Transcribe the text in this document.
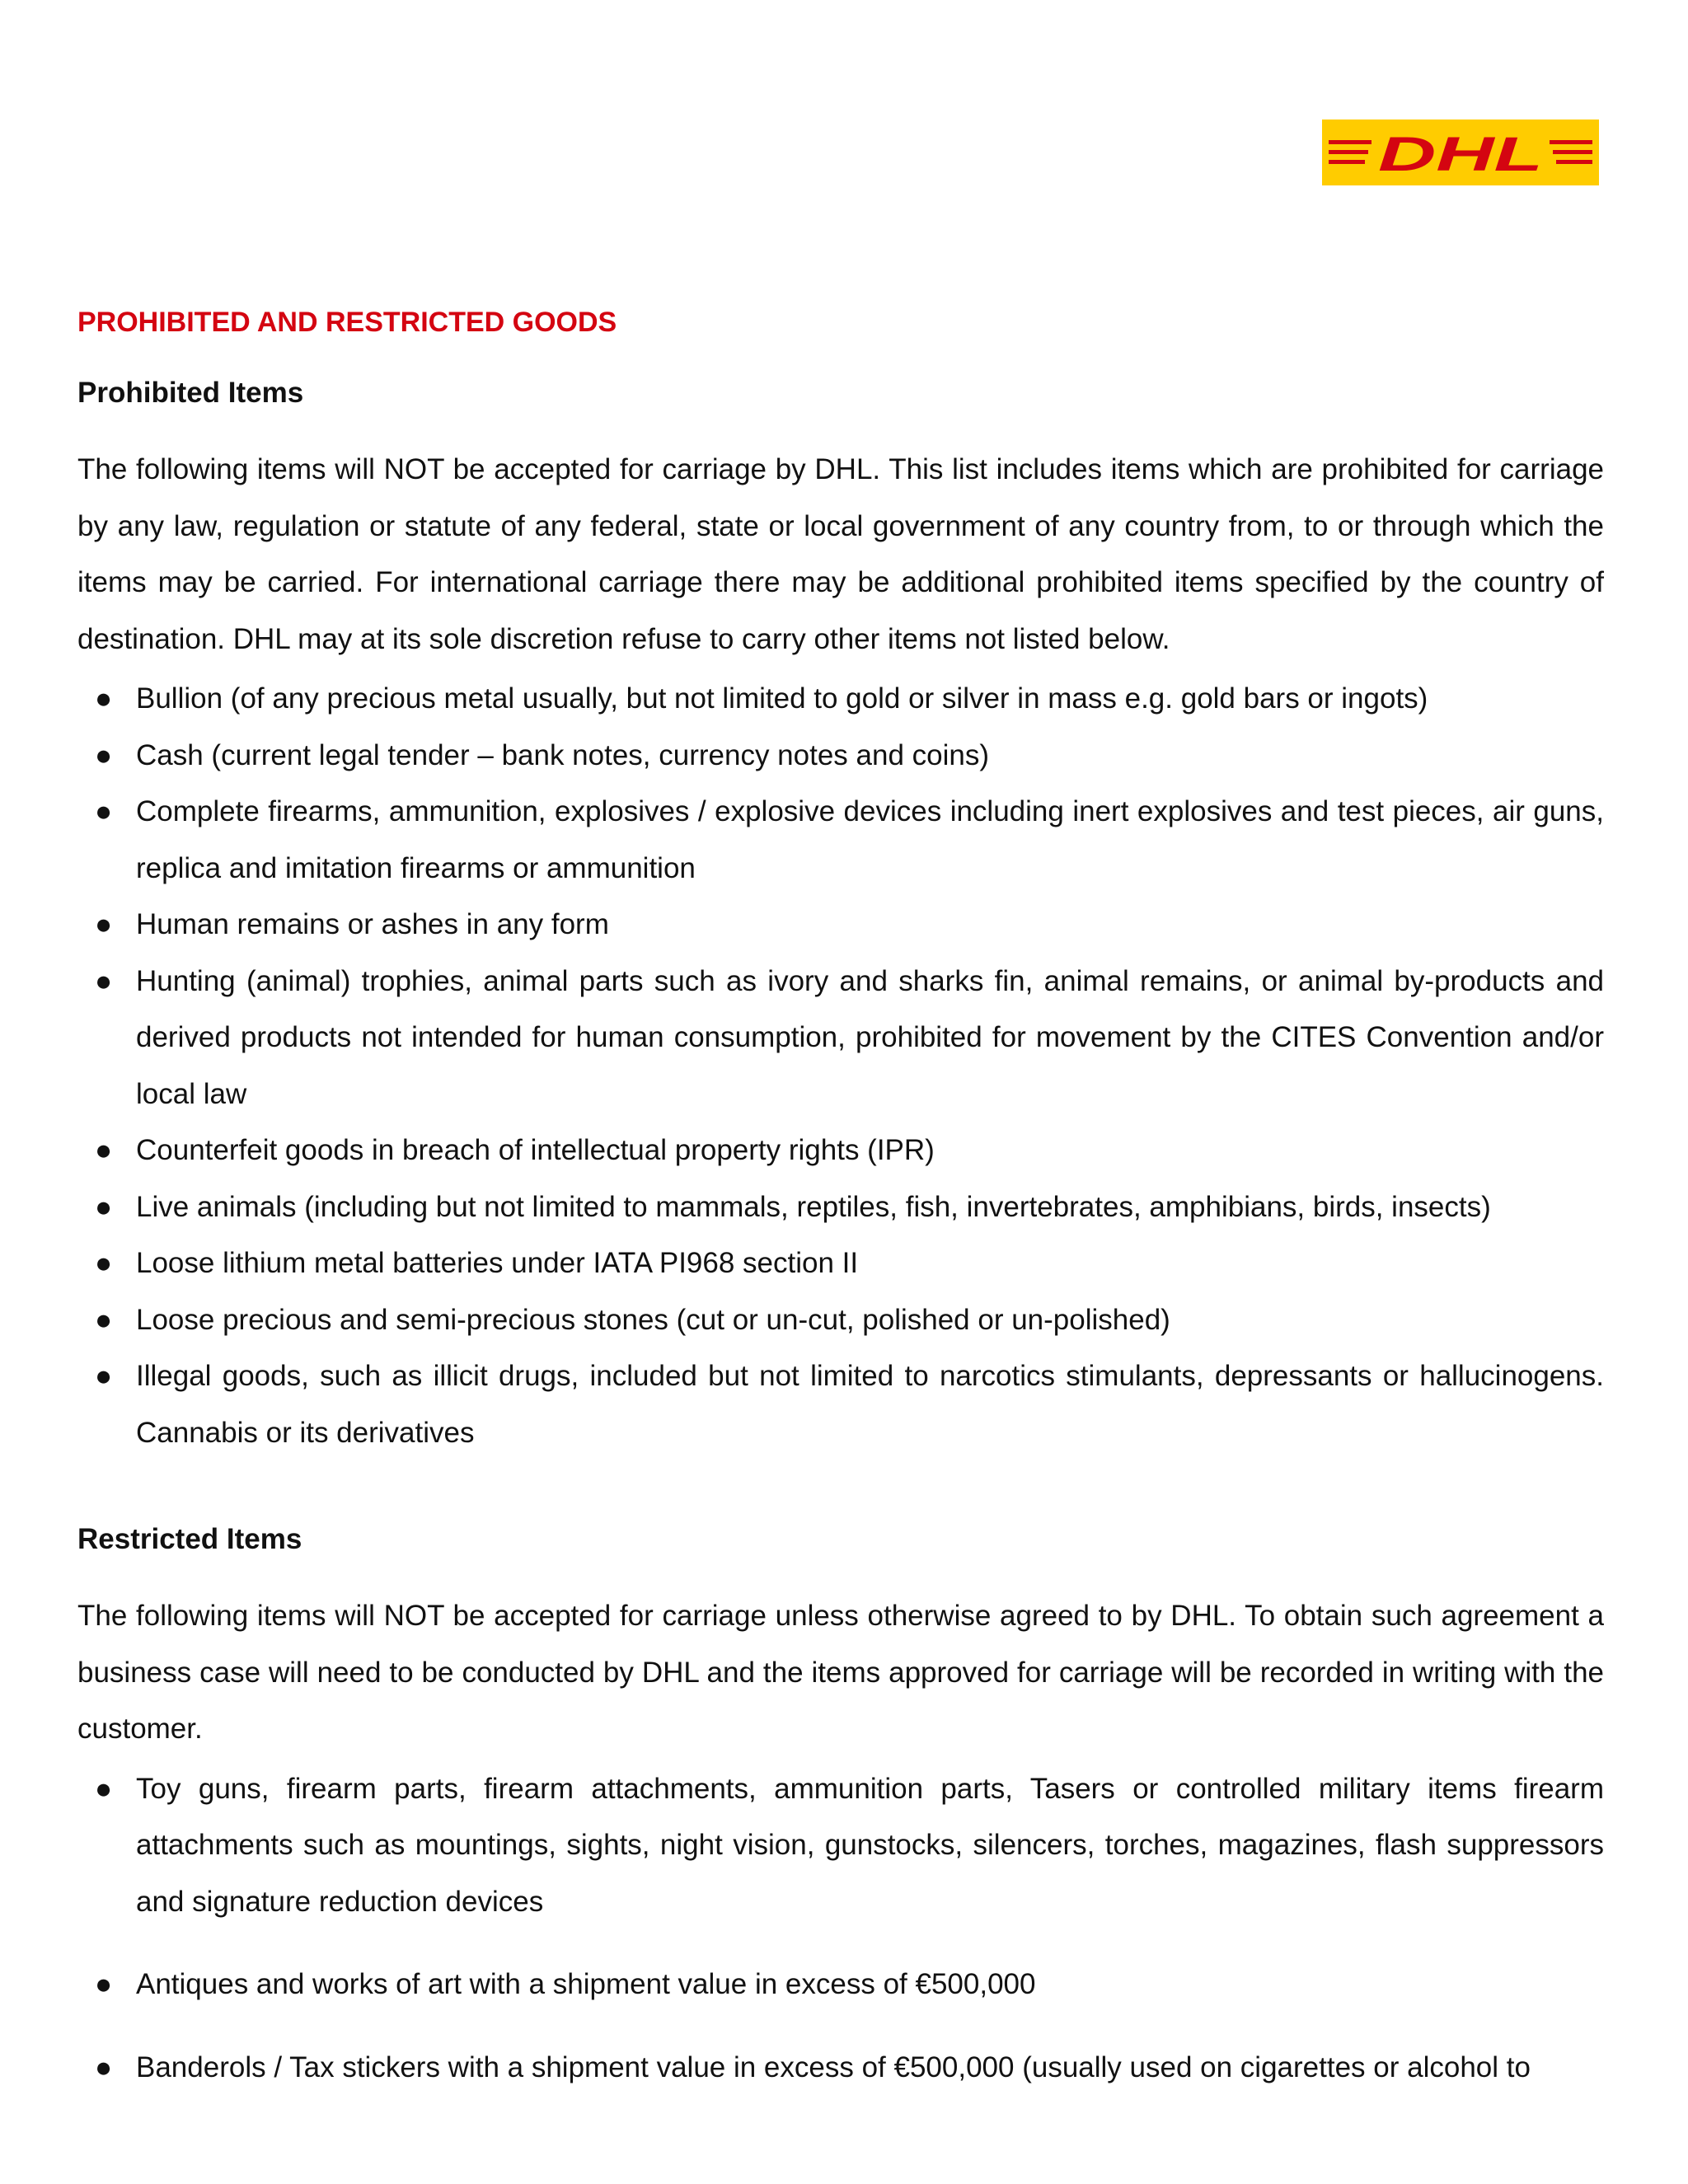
DHL
PROHIBITED AND RESTRICTED GOODS
Prohibited Items

The following items will NOT be accepted for carriage by DHL. This list includes items which are prohibited for carriage by any law, regulation or statute of any federal, state or local government of any country from, to or through which the items may be carried. For international carriage there may be additional prohibited items specified by the country of destination. DHL may at its sole discretion refuse to carry other items not listed below.

● Bullion (of any precious metal usually, but not limited to gold or silver in mass e.g. gold bars or ingots)
● Cash (current legal tender – bank notes, currency notes and coins)
● Complete firearms, ammunition, explosives / explosive devices including inert explosives and test pieces, air guns, replica and imitation firearms or ammunition
● Human remains or ashes in any form
● Hunting (animal) trophies, animal parts such as ivory and sharks fin, animal remains, or animal by-products and derived products not intended for human consumption, prohibited for movement by the CITES Convention and/or local law
● Counterfeit goods in breach of intellectual property rights (IPR)
● Live animals (including but not limited to mammals, reptiles, fish, invertebrates, amphibians, birds, insects)
● Loose lithium metal batteries under IATA PI968 section II
● Loose precious and semi-precious stones (cut or un-cut, polished or un-polished)
● Illegal goods, such as illicit drugs, included but not limited to narcotics stimulants, depressants or hallucinogens. Cannabis or its derivatives
Restricted Items

The following items will NOT be accepted for carriage unless otherwise agreed to by DHL. To obtain such agreement a business case will need to be conducted by DHL and the items approved for carriage will be recorded in writing with the customer.

● Toy guns, firearm parts, firearm attachments, ammunition parts, Tasers or controlled military items firearm attachments such as mountings, sights, night vision, gunstocks, silencers, torches, magazines, flash suppressors and signature reduction devices
● Antiques and works of art with a shipment value in excess of €500,000
● Banderols / Tax stickers with a shipment value in excess of €500,000 (usually used on cigarettes or alcohol to
